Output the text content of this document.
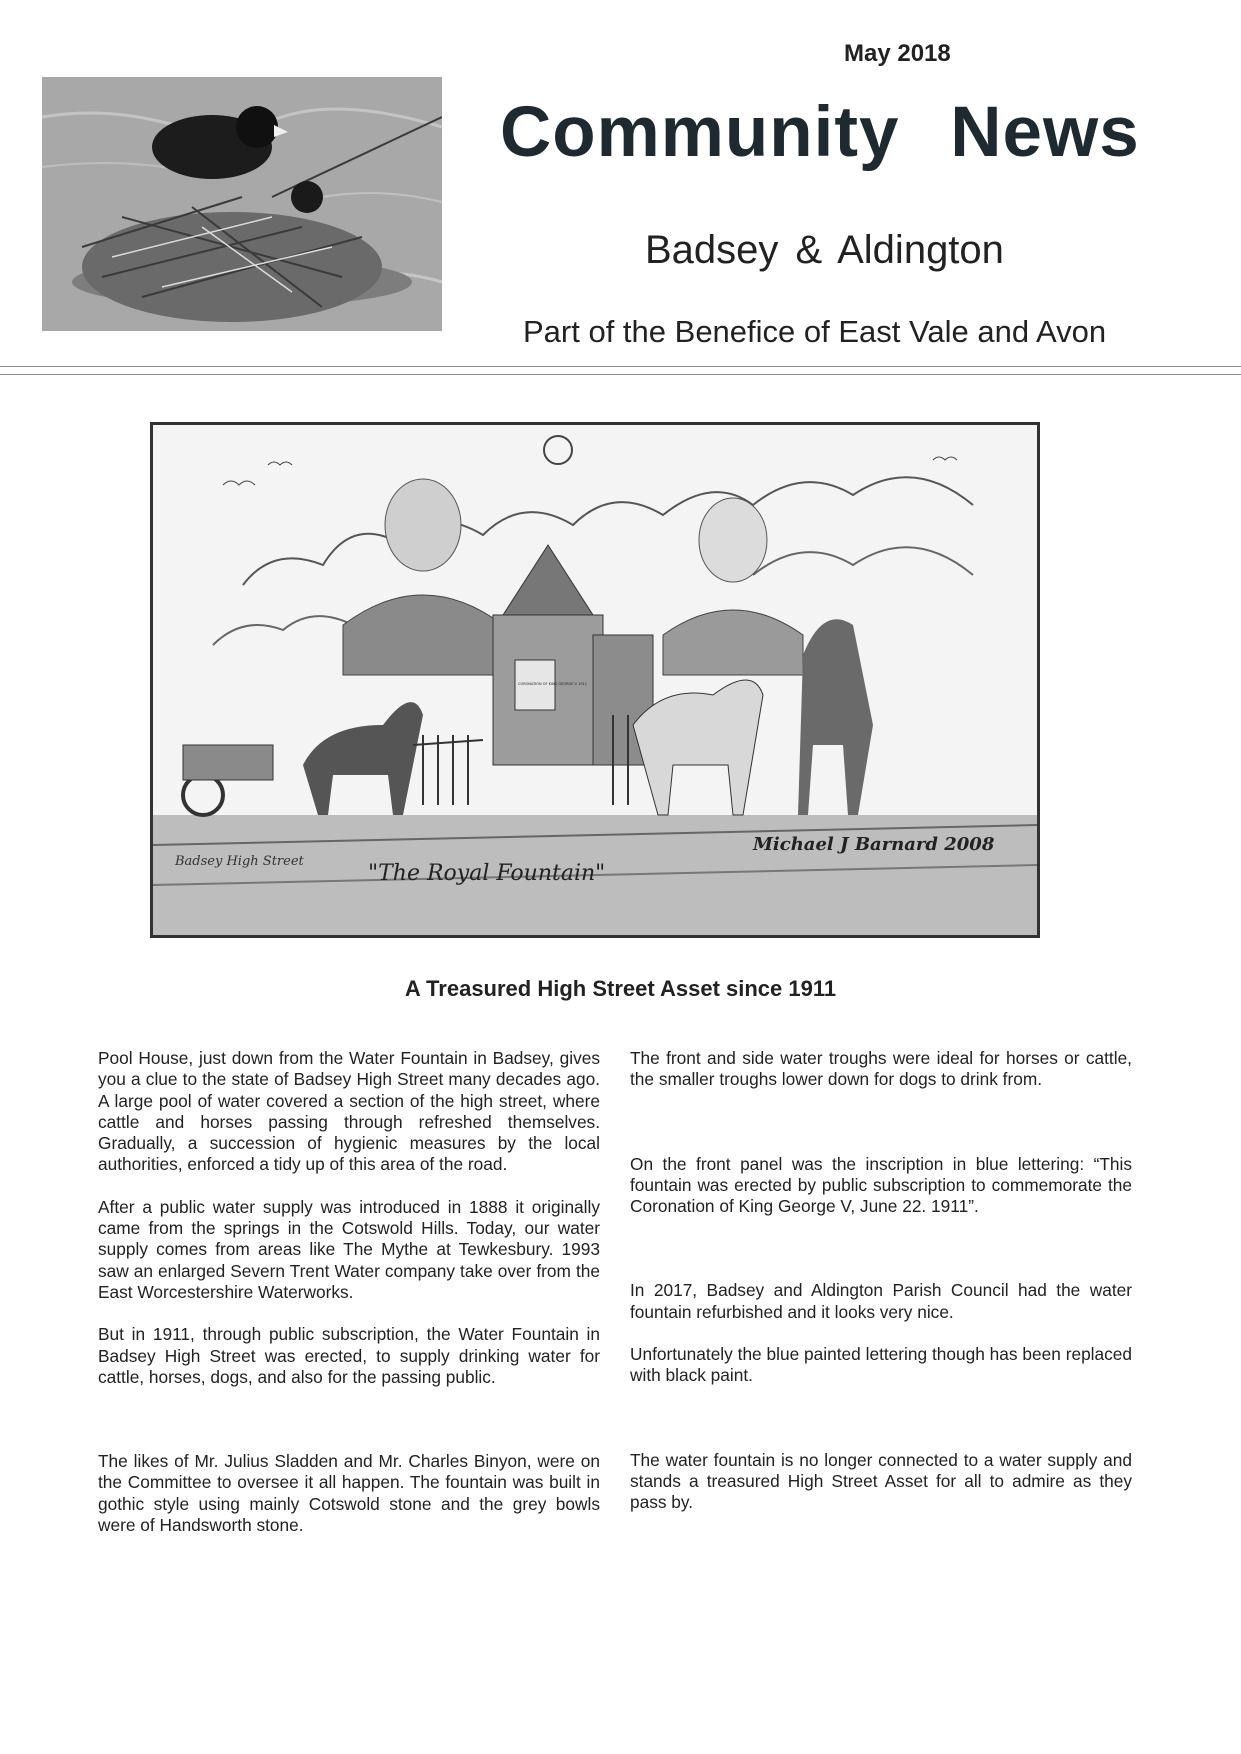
May 2018
Community News
Badsey & Aldington
Part of the Benefice of East Vale and Avon
Badsey High Street	"The Royal Fountain"
Michael J Barnard 2008
CORONATION OF KING GEORGE V 1911
A Treasured High Street Asset since 1911

Pool House, just down from the Water Fountain in Badsey, gives you a clue to the state of Badsey High Street many decades ago. A large pool of water covered a section of the high street, where cattle and horses passing through refreshed themselves. Gradually, a succession of hygienic measures by the local authorities, enforced a tidy up of this area of the road.

After a public water supply was introduced in 1888 it originally came from the springs in the Cotswold Hills. Today, our water supply comes from areas like The Mythe at Tewkesbury. 1993 saw an enlarged Severn Trent Water company take over from the East Worcestershire Waterworks.

But in 1911, through public subscription, the Water Fountain in Badsey High Street was erected, to supply drinking water for cattle, horses, dogs, and also for the passing public.

The likes of Mr. Julius Sladden and Mr. Charles Binyon, were on the Committee to oversee it all happen. The fountain was built in gothic style using mainly Cotswold stone and the grey bowls were of Handsworth stone.

The front and side water troughs were ideal for horses or cattle, the smaller troughs lower down for dogs to drink from.

On the front panel was the inscription in blue lettering: “This fountain was erected by public subscription to commemorate the Coronation of King George V, June 22. 1911”.

In 2017, Badsey and Aldington Parish Council had the water fountain refurbished and it looks very nice.

Unfortunately the blue painted lettering though has been replaced with black paint.

The water fountain is no longer connected to a water supply and stands a treasured High Street Asset for all to admire as they pass by.
